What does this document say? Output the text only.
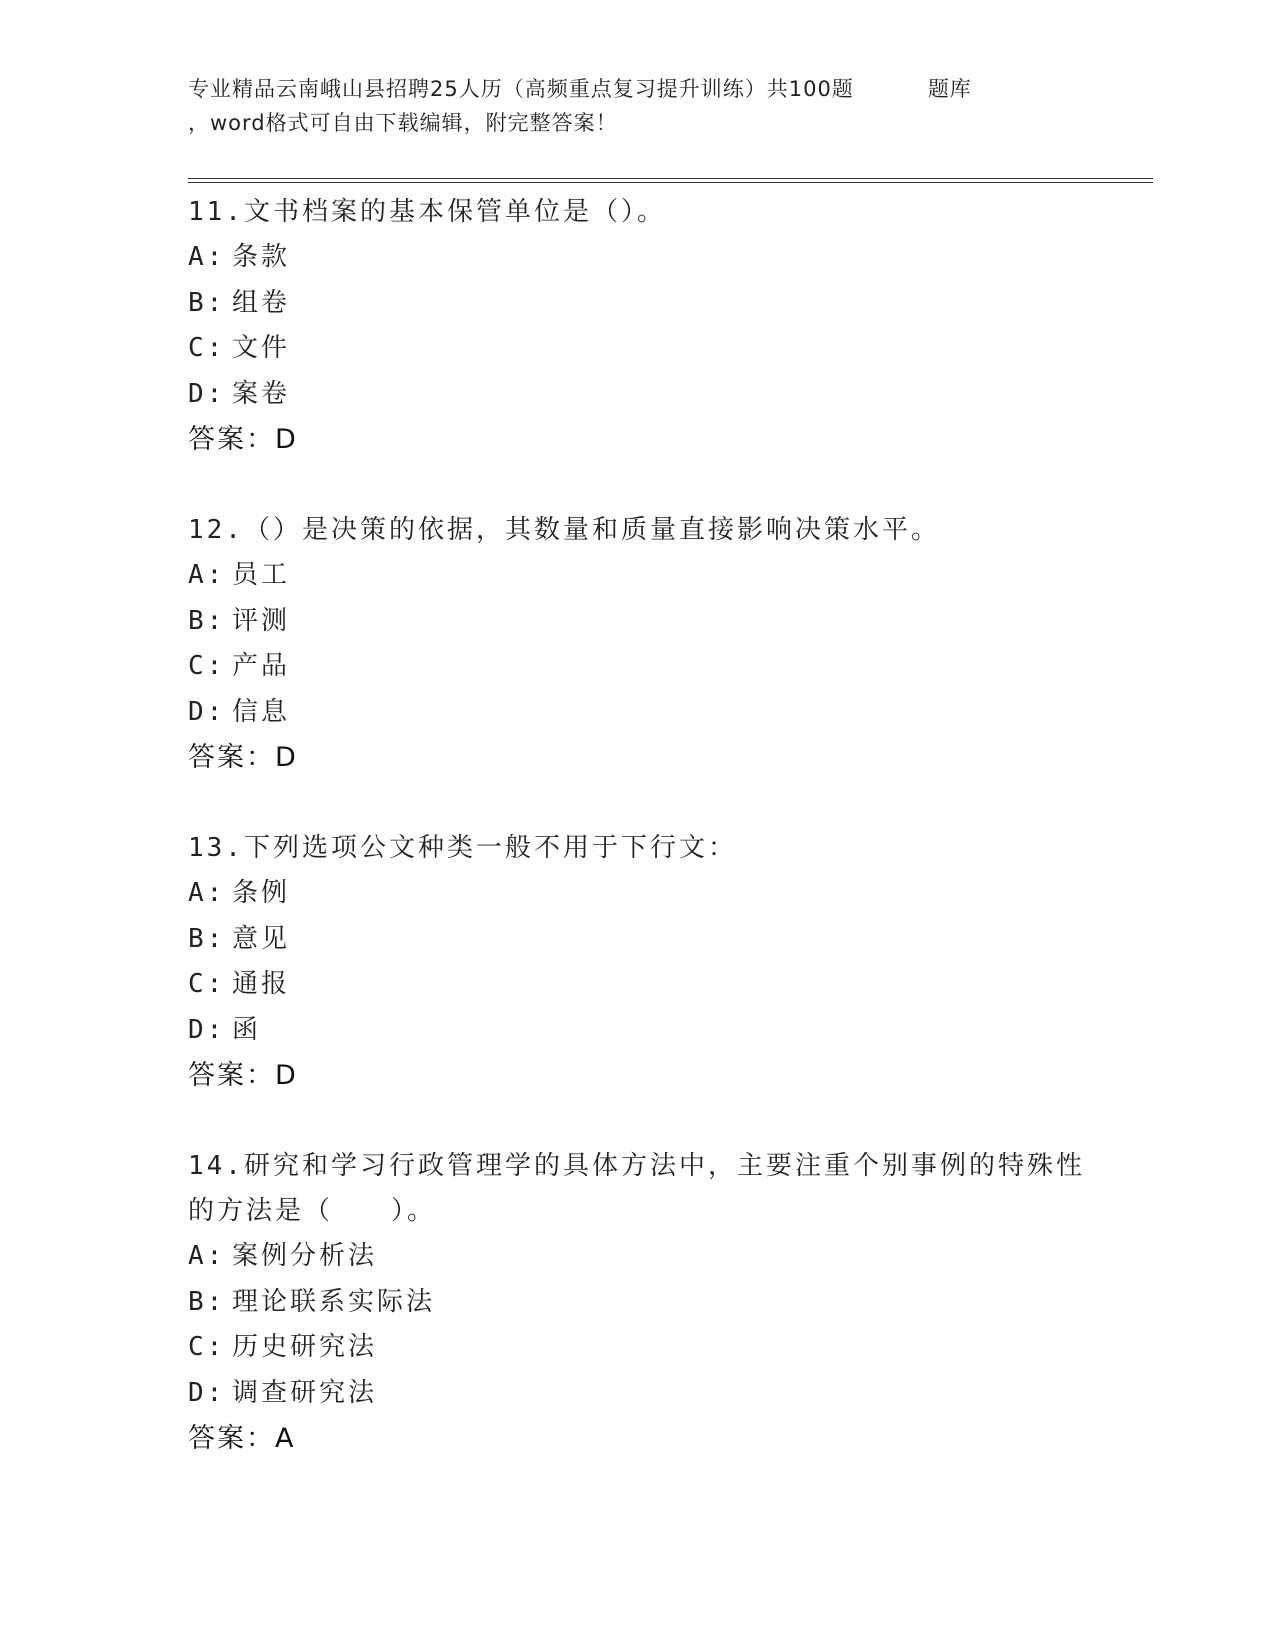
专业精品云南峨山县招聘25人历（高频重点复习提升训练）共100题	题库
，word格式可自由下载编辑，附完整答案！

11.文书档案的基本保管单位是（）。

A: 条款
B: 组卷
C: 文件
D: 案卷
答案： D

12.（）是决策的依据，其数量和质量直接影响决策水平。

A: 员工
B: 评测
C: 产品
D: 信息
答案： D

13.下列选项公文种类一般不用于下行文：

A: 条例
B: 意见
C: 通报
D: 函
答案： D

14.研究和学习行政管理学的具体方法中，主要注重个别事例的特殊性的方法是（　　）。

A: 案例分析法
B: 理论联系实际法
C: 历史研究法
D: 调查研究法
答案： A
